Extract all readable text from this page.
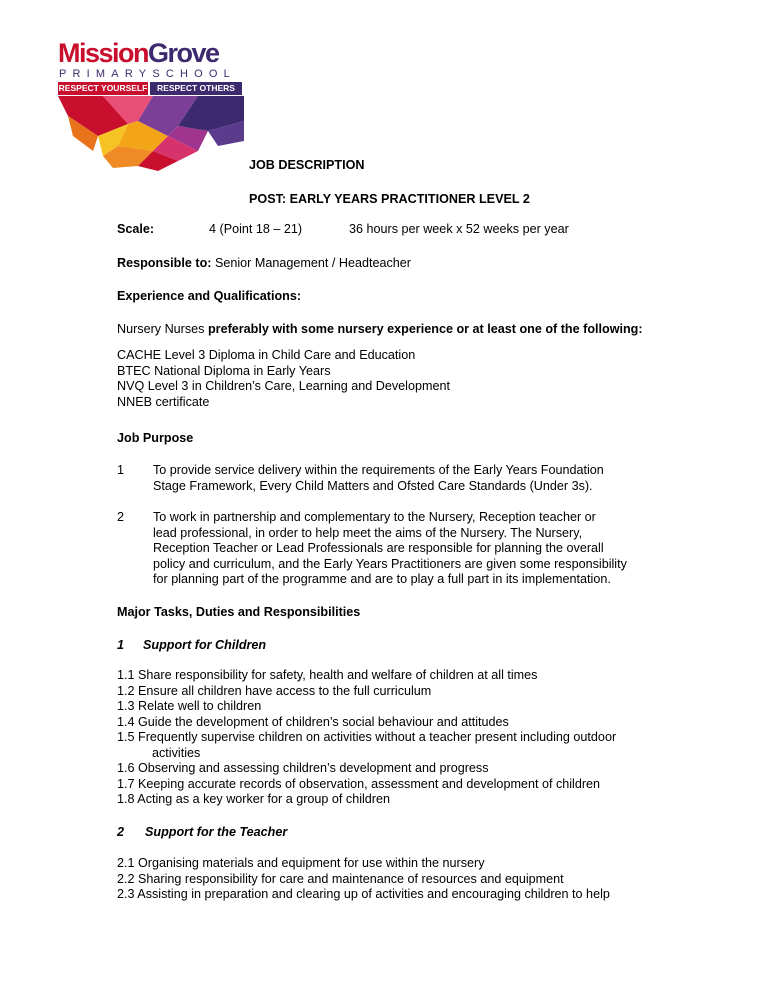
MissionGrove
PRIMARYSCHOOL
RESPECT YOURSELF	RESPECT OTHERS
JOB DESCRIPTION
POST: EARLY YEARS PRACTITIONER LEVEL 2
Scale:	4 (Point 18 – 21)	36 hours per week x 52 weeks per year
Responsible to: Senior Management / Headteacher
Experience and Qualifications:
Nursery Nurses preferably with some nursery experience or at least one of the following:
CACHE Level 3 Diploma in Child Care and Education
BTEC National Diploma in Early Years
NVQ Level 3 in Children’s Care, Learning and Development
NNEB certificate
Job Purpose
1 To provide service delivery within the requirements of the Early Years Foundation
Stage Framework, Every Child Matters and Ofsted Care Standards (Under 3s).
2 To work in partnership and complementary to the Nursery, Reception teacher or
lead professional, in order to help meet the aims of the Nursery. The Nursery,
Reception Teacher or Lead Professionals are responsible for planning the overall
policy and curriculum, and the Early Years Practitioners are given some responsibility
for planning part of the programme and are to play a full part in its implementation.
Major Tasks, Duties and Responsibilities
1 Support for Children
1.1 Share responsibility for safety, health and welfare of children at all times
1.2 Ensure all children have access to the full curriculum
1.3 Relate well to children
1.4 Guide the development of children’s social behaviour and attitudes
1.5 Frequently supervise children on activities without a teacher present including outdoor
activities
1.6 Observing and assessing children’s development and progress
1.7 Keeping accurate records of observation, assessment and development of children
1.8 Acting as a key worker for a group of children
2 Support for the Teacher
2.1 Organising materials and equipment for use within the nursery
2.2 Sharing responsibility for care and maintenance of resources and equipment
2.3 Assisting in preparation and clearing up of activities and encouraging children to help
